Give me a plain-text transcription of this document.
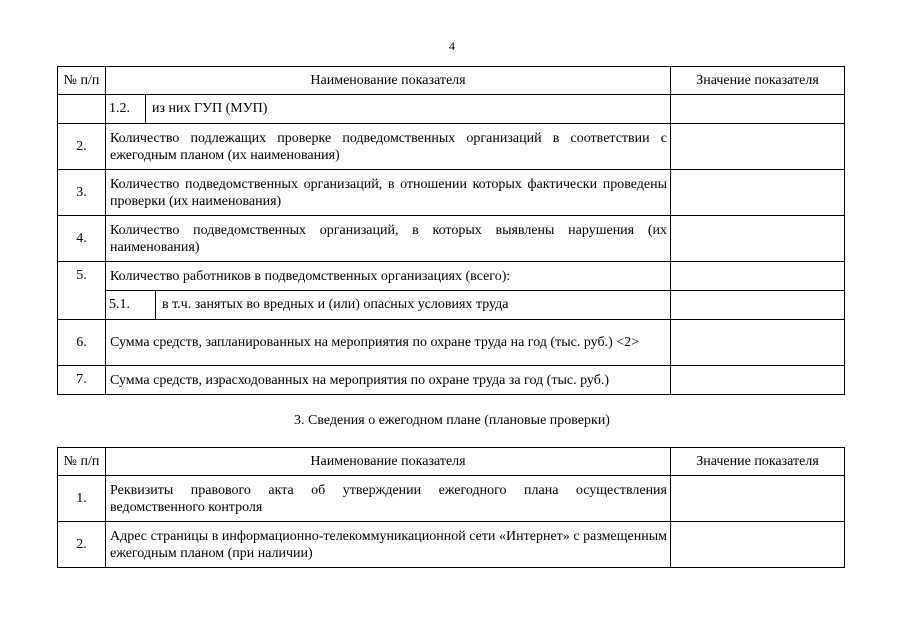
4
№ п/п	Наименование показателя	Значение показателя

1.2. из них ГУП (МУП)	

2.	Количество подлежащих проверке подведомственных организаций в соответствии с ежегодным планом (их наименования)	
3.	Количество подведомственных организаций, в отношении которых фактически проведены проверки (их наименования)	
4.	Количество подведомственных организаций, в которых выявлены нарушения (их наименования)	
5.	Количество работников в подведомственных организациях (всего):	

5.1. в т.ч. занятых во вредных и (или) опасных условиях труда	

6.	Сумма средств, запланированных на мероприятия по охране труда на год (тыс. руб.) <2>	
7.	Сумма средств, израсходованных на мероприятия по охране труда за год (тыс. руб.)	
3. Сведения о ежегодном плане (плановые проверки)
№ п/п	Наименование показателя	Значение показателя
1.	Реквизиты правового акта об утверждении ежегодного плана осуществления ведомственного контроля	
2.	Адрес страницы в информационно-телекоммуникационной сети «Интернет» с размещенным ежегодным планом (при наличии)	
